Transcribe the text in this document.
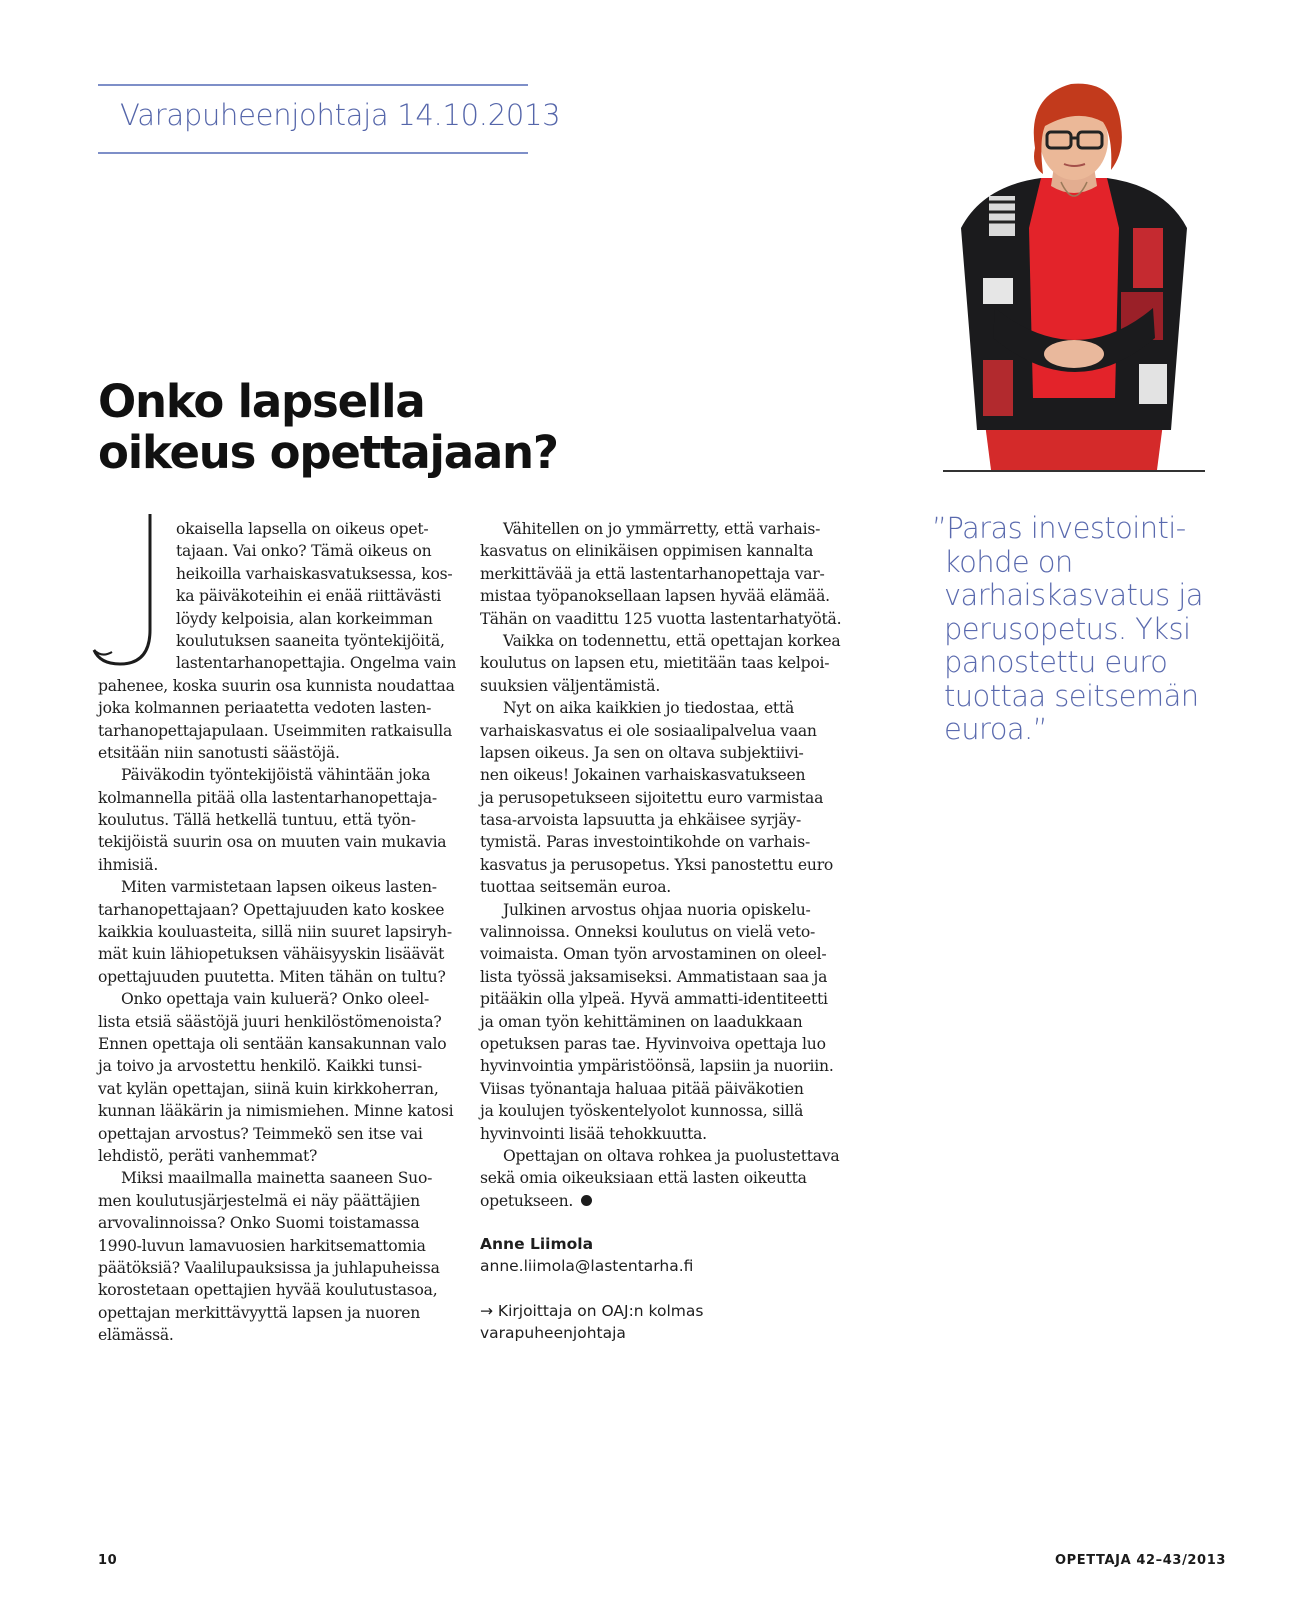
Varapuheenjohtaja 14.10.2013
Onko lapsella
oikeus opettajaan?
”Paras investointi-
kohde on
varhaiskasvatus ja
perusopetus. Yksi
panostettu euro
tuottaa seitsemän
euroa.”
okaisella lapsella on oikeus opet-
tajaan. Vai onko? Tämä oikeus on
heikoilla varhaiskasvatuksessa, kos-
ka päiväkoteihin ei enää riittävästi
löydy kelpoisia, alan korkeimman
koulutuksen saaneita työntekijöitä,
lastentarhanopettajia. Ongelma vain
pahenee, koska suurin osa kunnista noudattaa
joka kolmannen periaatetta vedoten lasten-
tarhanopettajapulaan. Useimmiten ratkaisulla
etsitään niin sanotusti säästöjä.
Päiväkodin työntekijöistä vähintään joka
kolmannella pitää olla lastentarhanopettaja-
koulutus. Tällä hetkellä tuntuu, että työn-
tekijöistä suurin osa on muuten vain mukavia
ihmisiä.
Miten varmistetaan lapsen oikeus lasten-
tarhanopettajaan? Opettajuuden kato koskee
kaikkia kouluasteita, sillä niin suuret lapsiryh-
mät kuin lähiopetuksen vähäisyyskin lisäävät
opettajuuden puutetta. Miten tähän on tultu?
Onko opettaja vain kuluerä? Onko oleel-
lista etsiä säästöjä juuri henkilöstömenoista?
Ennen opettaja oli sentään kansakunnan valo
ja toivo ja arvostettu henkilö. Kaikki tunsi-
vat kylän opettajan, siinä kuin kirkkoherran,
kunnan lääkärin ja nimismiehen. Minne katosi
opettajan arvostus? Teimmekö sen itse vai
lehdistö, peräti vanhemmat?
Miksi maailmalla mainetta saaneen Suo-
men koulutusjärjestelmä ei näy päättäjien
arvovalinnoissa? Onko Suomi toistamassa
1990-luvun lamavuosien harkitsemattomia
päätöksiä? Vaalilupauksissa ja juhlapuheissa
korostetaan opettajien hyvää koulutustasoa,
opettajan merkittävyyttä lapsen ja nuoren
elämässä.
Vähitellen on jo ymmärretty, että varhais-
kasvatus on elinikäisen oppimisen kannalta
merkittävää ja että lastentarhanopettaja var-
mistaa työpanoksellaan lapsen hyvää elämää.
Tähän on vaadittu 125 vuotta lastentarhatyötä.
Vaikka on todennettu, että opettajan korkea
koulutus on lapsen etu, mietitään taas kelpoi-
suuksien väljentämistä.
Nyt on aika kaikkien jo tiedostaa, että
varhaiskasvatus ei ole sosiaalipalvelua vaan
lapsen oikeus. Ja sen on oltava subjektiivi-
nen oikeus! Jokainen varhaiskasvatukseen
ja perusopetukseen sijoitettu euro varmistaa
tasa-arvoista lapsuutta ja ehkäisee syrjäy-
tymistä. Paras investointikohde on varhais-
kasvatus ja perusopetus. Yksi panostettu euro
tuottaa seitsemän euroa.
Julkinen arvostus ohjaa nuoria opiskelu-
valinnoissa. Onneksi koulutus on vielä veto-
voimaista. Oman työn arvostaminen on oleel-
lista työssä jaksamiseksi. Ammatistaan saa ja
pitääkin olla ylpeä. Hyvä ammatti-identiteetti
ja oman työn kehittäminen on laadukkaan
opetuksen paras tae. Hyvinvoiva opettaja luo
hyvinvointia ympäristöönsä, lapsiin ja nuoriin.
Viisas työnantaja haluaa pitää päiväkotien
ja koulujen työskentelyolot kunnossa, sillä
hyvinvointi lisää tehokkuutta.
Opettajan on oltava rohkea ja puolustettava
sekä omia oikeuksiaan että lasten oikeutta
opetukseen.
Anne Liimola
anne.liimola@lastentarha.fi
→ Kirjoittaja on OAJ:n kolmas
varapuheenjohtaja
10	OPETTAJA 42–43/2013
